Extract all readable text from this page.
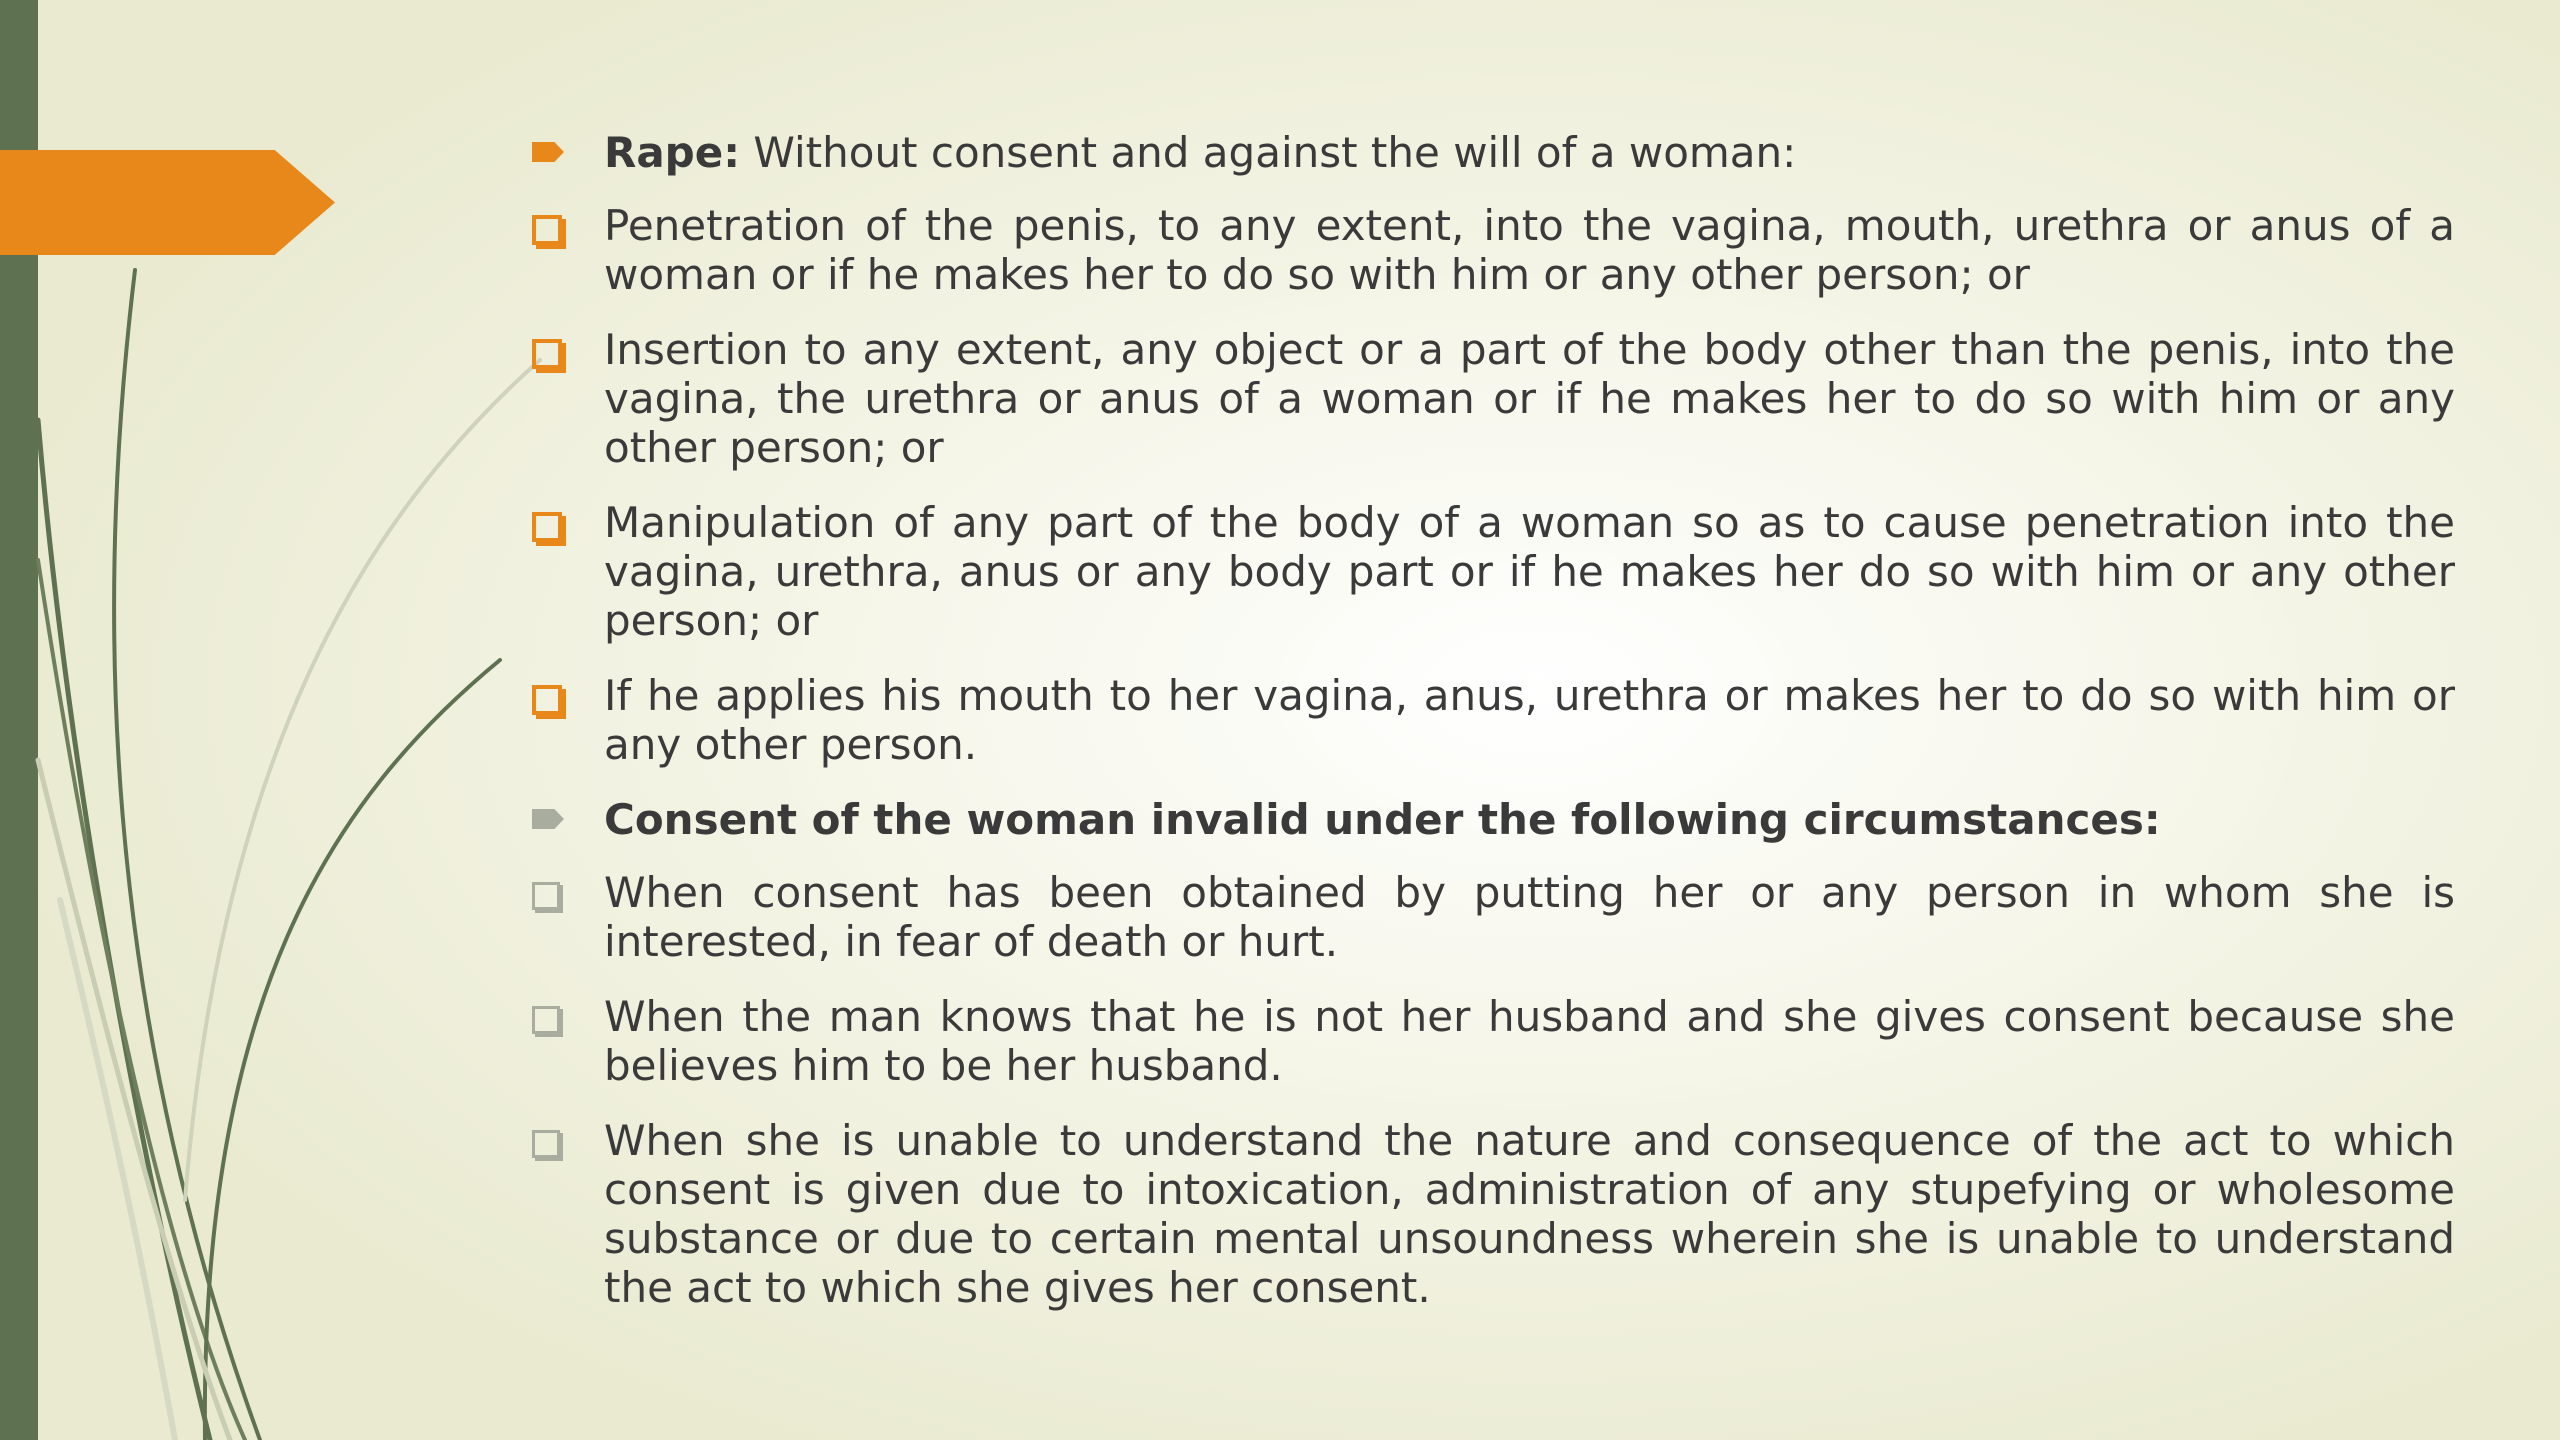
Rape: Without consent and against the will of a woman:
Penetration of the penis, to any extent, into the vagina, mouth, urethra or anus of a woman or if he makes her to do so with him or any other person; or
Insertion to any extent, any object or a part of the body other than the penis, into the vagina, the urethra or anus of a woman or if he makes her to do so with him or any other person; or
Manipulation of any part of the body of a woman so as to cause penetration into the vagina, urethra, anus or any body part or if he makes her do so with him or any other person; or
If he applies his mouth to her vagina, anus, urethra or makes her to do so with him or any other person.
Consent of the woman invalid under the following circumstances:
When consent has been obtained by putting her or any person in whom she is interested, in fear of death or hurt.
When the man knows that he is not her husband and she gives consent because she believes him to be her husband.
When she is unable to understand the nature and consequence of the act to which consent is given due to intoxication, administration of any stupefying or wholesome substance or due to certain mental unsoundness wherein she is unable to understand the act to which she gives her consent.
